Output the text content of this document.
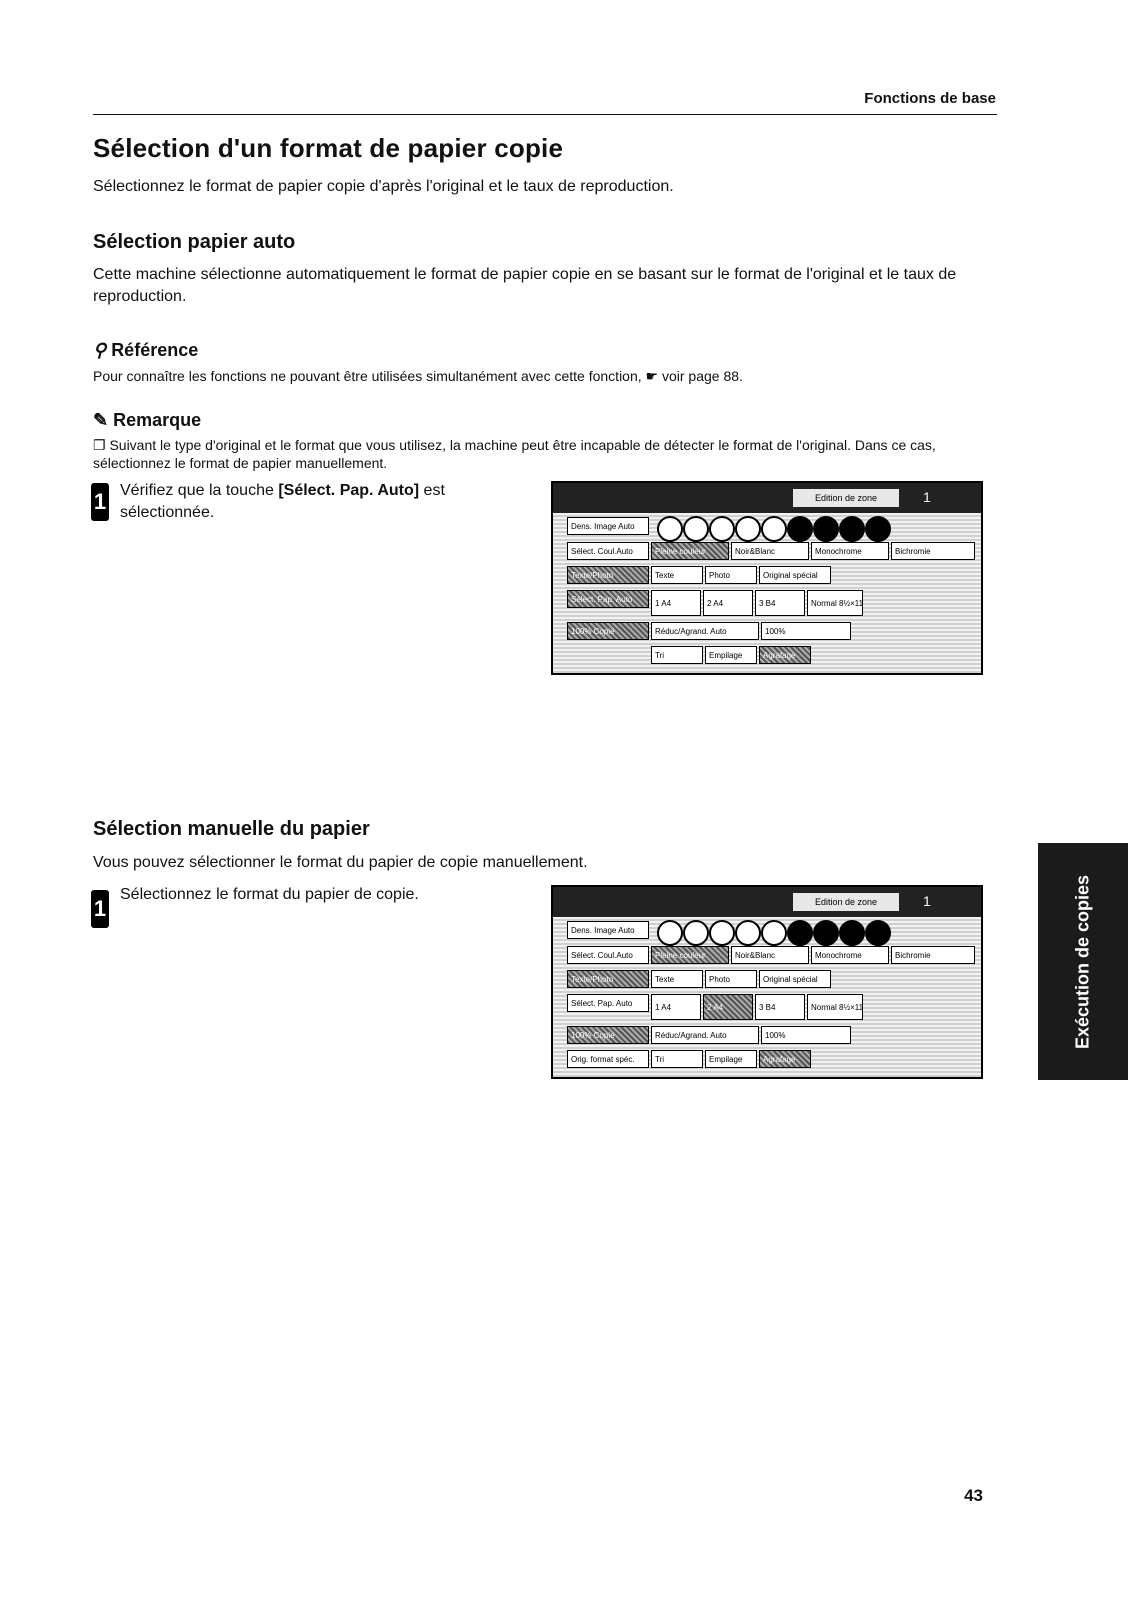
Fonctions de base
Sélection d'un format de papier copie
Sélectionnez le format de papier copie d'après l'original et le taux de reproduction.
Sélection papier auto
Cette machine sélectionne automatiquement le format de papier copie en se basant sur le format de l'original et le taux de reproduction.
⚲ Référence
Pour connaître les fonctions ne pouvant être utilisées simultanément avec cette fonction, ☛ voir page 88.
✎ Remarque
❐ Suivant le type d'original et le format que vous utilisez, la machine peut être incapable de détecter le format de l'original. Dans ce cas, sélectionnez le format de papier manuellement.
1 Vérifiez que la touche [Sélect. Pap. Auto] est sélectionnée.
Edition de zone	1
Dens. Image Auto
Sélect. Coul.Auto	Pleine couleur	Noir&Blanc	Monochrome	Bichromie
Texte/Photo	Texte	Photo	Original spécial
Sélect. Pap. Auto	1 A4	2 A4	3 B4	Normal 8½×11
100% Copie	Réduc/Agrand. Auto	100%
Tri	Empilage	Agrafage
Sélection manuelle du papier
Vous pouvez sélectionner le format du papier de copie manuellement.
1
Sélectionnez le format du papier de copie.	Edition de zone	1
Dens. Image Auto
Sélect. Coul.Auto	Pleine couleur	Noir&Blanc	Monochrome	Bichromie
Texte/Photo	Texte	Photo	Original spécial
Sélect. Pap. Auto	1 A4	2 A4	3 B4	Normal 8½×11
100% Copie	Réduc/Agrand. Auto	100%
Orig. format spéc.	Tri	Empilage	Agrafage
Exécution de copies
43
